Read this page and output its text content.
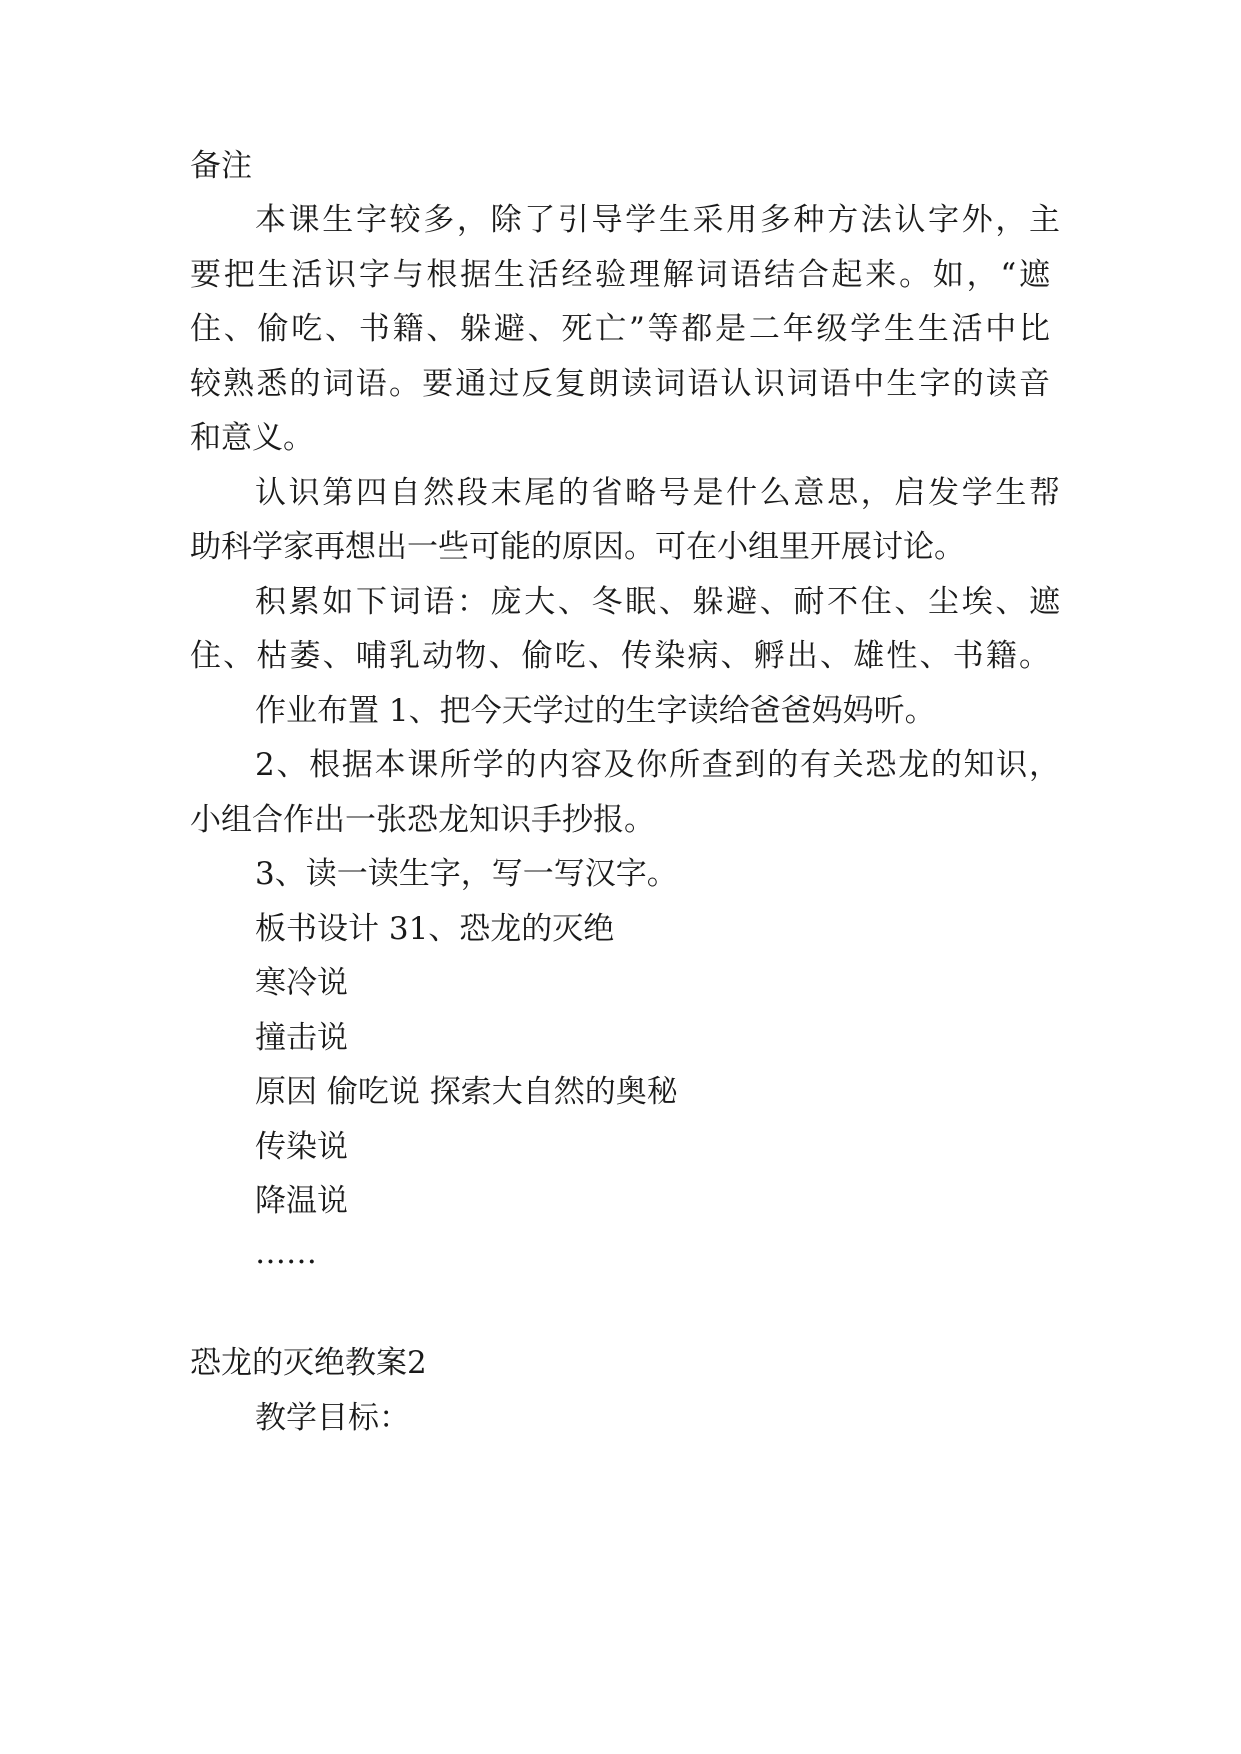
备注
本课生字较多，除了引导学生采用多种方法认字外，主
要把生活识字与根据生活经验理解词语结合起来。如，“遮
住、偷吃、书籍、躲避、死亡”等都是二年级学生生活中比
较熟悉的词语。要通过反复朗读词语认识词语中生字的读音
和意义。
认识第四自然段末尾的省略号是什么意思，启发学生帮
助科学家再想出一些可能的原因。可在小组里开展讨论。
积累如下词语：庞大、冬眠、躲避、耐不住、尘埃、遮
住、枯萎、哺乳动物、偷吃、传染病、孵出、雄性、书籍。
作业布置 1、把今天学过的生字读给爸爸妈妈听。
2、根据本课所学的内容及你所查到的有关恐龙的知识，
小组合作出一张恐龙知识手抄报。
3、读一读生字，写一写汉字。
板书设计 31、恐龙的灭绝
寒冷说
撞击说
原因 偷吃说 探索大自然的奥秘
传染说
降温说
……
恐龙的灭绝教案2
教学目标：
